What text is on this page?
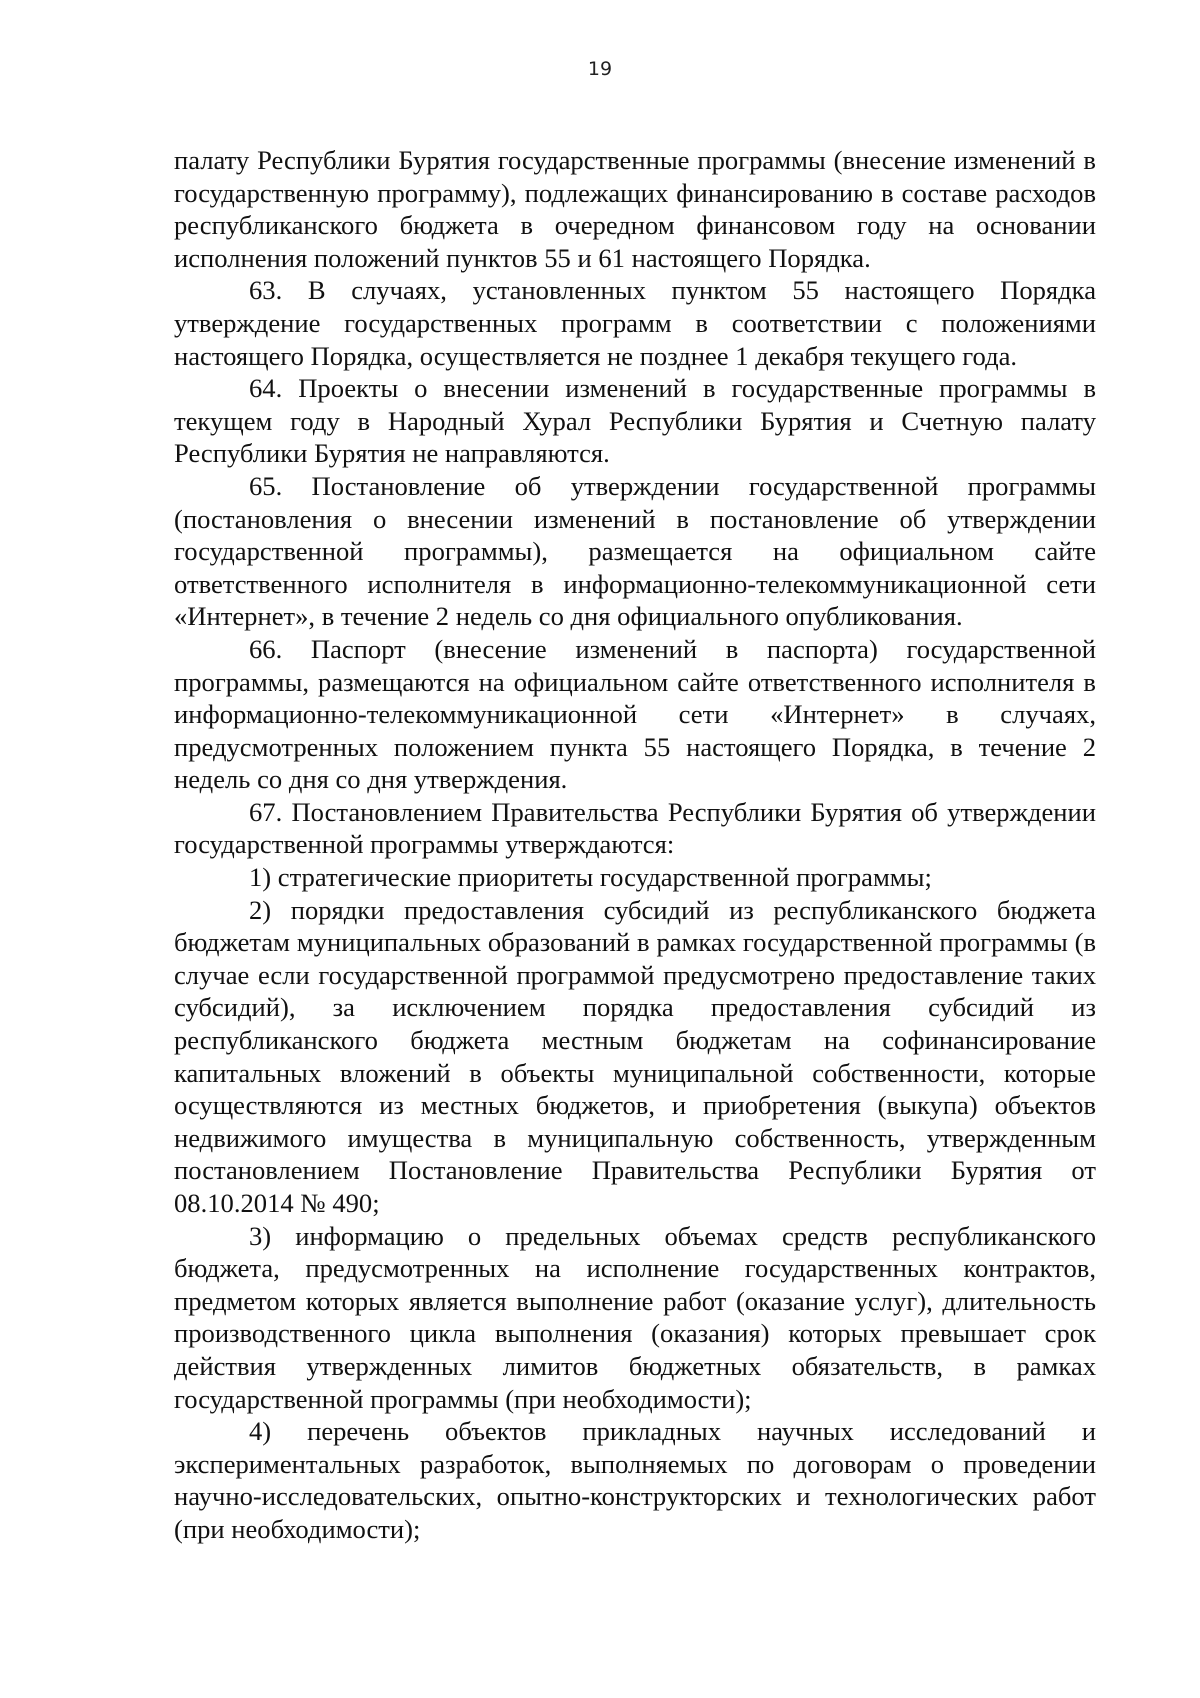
19

палату Республики Бурятия государственные программы (внесение изменений в государственную программу), подлежащих финансированию в составе расходов республиканского бюджета в очередном финансовом году на основании исполнения положений пунктов 55 и 61 настоящего Порядка.

63. В случаях, установленных пунктом 55 настоящего Порядка утверждение государственных программ в соответствии с положениями настоящего Порядка, осуществляется не позднее 1 декабря текущего года.

64. Проекты о внесении изменений в государственные программы в текущем году в Народный Хурал Республики Бурятия и Счетную палату Республики Бурятия не направляются.

65. Постановление об утверждении государственной программы (постановления о внесении изменений в постановление об утверждении государственной программы), размещается на официальном сайте ответственного исполнителя в информационно-телекоммуникационной сети «Интернет», в течение 2 недель со дня официального опубликования.

66. Паспорт (внесение изменений в паспорта) государственной программы, размещаются на официальном сайте ответственного исполнителя в информационно-телекоммуникационной сети «Интернет» в случаях, предусмотренных положением пункта 55 настоящего Порядка, в течение 2 недель со дня со дня утверждения.

67. Постановлением Правительства Республики Бурятия об утверждении государственной программы утверждаются:

1) стратегические приоритеты государственной программы;

2) порядки предоставления субсидий из республиканского бюджета бюджетам муниципальных образований в рамках государственной программы (в случае если государственной программой предусмотрено предоставление таких субсидий), за исключением порядка предоставления субсидий из республиканского бюджета местным бюджетам на софинансирование капитальных вложений в объекты муниципальной собственности, которые осуществляются из местных бюджетов, и приобретения (выкупа) объектов недвижимого имущества в муниципальную собственность, утвержденным постановлением Постановление Правительства Республики Бурятия от 08.10.2014 № 490;

3) информацию о предельных объемах средств республиканского бюджета, предусмотренных на исполнение государственных контрактов, предметом которых является выполнение работ (оказание услуг), длительность производственного цикла выполнения (оказания) которых превышает срок действия утвержденных лимитов бюджетных обязательств, в рамках государственной программы (при необходимости);

4) перечень объектов прикладных научных исследований и экспериментальных разработок, выполняемых по договорам о проведении научно-исследовательских, опытно-конструкторских и технологических работ (при необходимости);
